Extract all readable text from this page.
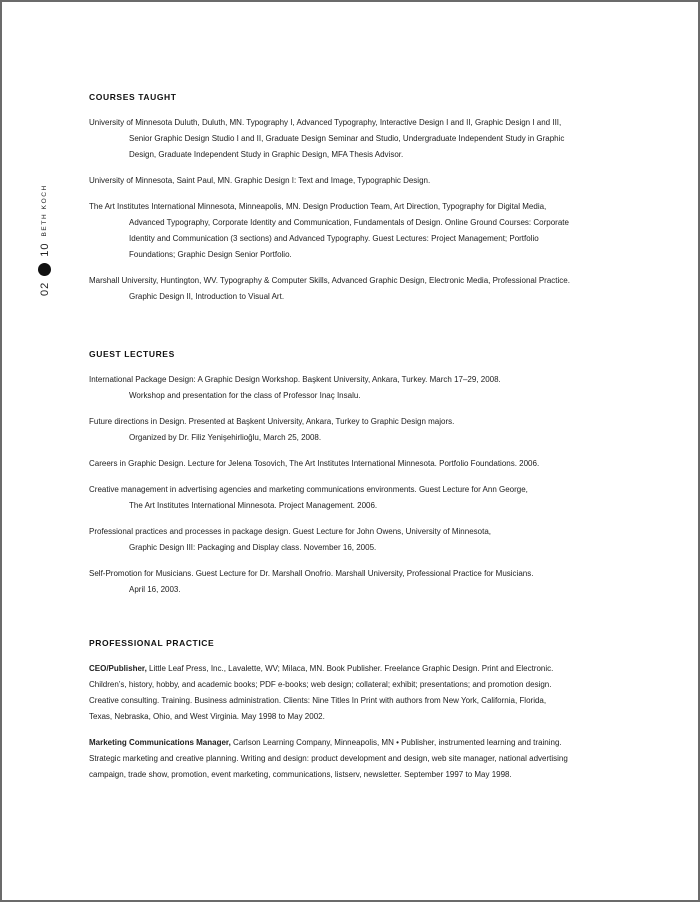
02
10
BETH KOCH
COURSES TAUGHT
University of Minnesota Duluth, Duluth, MN. Typography I, Advanced Typography, Interactive Design I and II, Graphic Design I and III,
Senior Graphic Design Studio I and II, Graduate Design Seminar and Studio, Undergraduate Independent Study in Graphic
Design, Graduate Independent Study in Graphic Design, MFA Thesis Advisor.
University of Minnesota, Saint Paul, MN. Graphic Design I: Text and Image, Typographic Design.
The Art Institutes International Minnesota, Minneapolis, MN. Design Production Team, Art Direction, Typography for Digital Media,
Advanced Typography, Corporate Identity and Communication, Fundamentals of Design. Online Ground Courses: Corporate
Identity and Communication (3 sections) and Advanced Typography. Guest Lectures: Project Management; Portfolio
Foundations; Graphic Design Senior Portfolio.
Marshall University, Huntington, WV. Typography & Computer Skills, Advanced Graphic Design, Electronic Media, Professional Practice.
Graphic Design II, Introduction to Visual Art.
GUEST LECTURES
International Package Design: A Graphic Design Workshop. Başkent University, Ankara, Turkey. March 17–29, 2008.
Workshop and presentation for the class of Professor Inaç Insalu.
Future directions in Design. Presented at Başkent University, Ankara, Turkey to Graphic Design majors.
Organized by Dr. Filiz Yenişehirlioğlu, March 25, 2008.
Careers in Graphic Design. Lecture for Jelena Tosovich, The Art Institutes International Minnesota. Portfolio Foundations. 2006.
Creative management in advertising agencies and marketing communications environments. Guest Lecture for Ann George,
The Art Institutes International Minnesota. Project Management. 2006.
Professional practices and processes in package design. Guest Lecture for John Owens, University of Minnesota,
Graphic Design III: Packaging and Display class. November 16, 2005.
Self-Promotion for Musicians. Guest Lecture for Dr. Marshall Onofrio. Marshall University, Professional Practice for Musicians.
April 16, 2003.
PROFESSIONAL PRACTICE
CEO/Publisher, Little Leaf Press, Inc., Lavalette, WV; Milaca, MN. Book Publisher. Freelance Graphic Design. Print and Electronic.
Children’s, history, hobby, and academic books; PDF e-books; web design; collateral; exhibit; presentations; and promotion design.
Creative consulting. Training. Business administration. Clients: Nine Titles In Print with authors from New York, California, Florida,
Texas, Nebraska, Ohio, and West Virginia. May 1998 to May 2002.
Marketing Communications Manager, Carlson Learning Company, Minneapolis, MN • Publisher, instrumented learning and training.
Strategic marketing and creative planning. Writing and design: product development and design, web site manager, national advertising
campaign, trade show, promotion, event marketing, communications, listserv, newsletter. September 1997 to May 1998.
